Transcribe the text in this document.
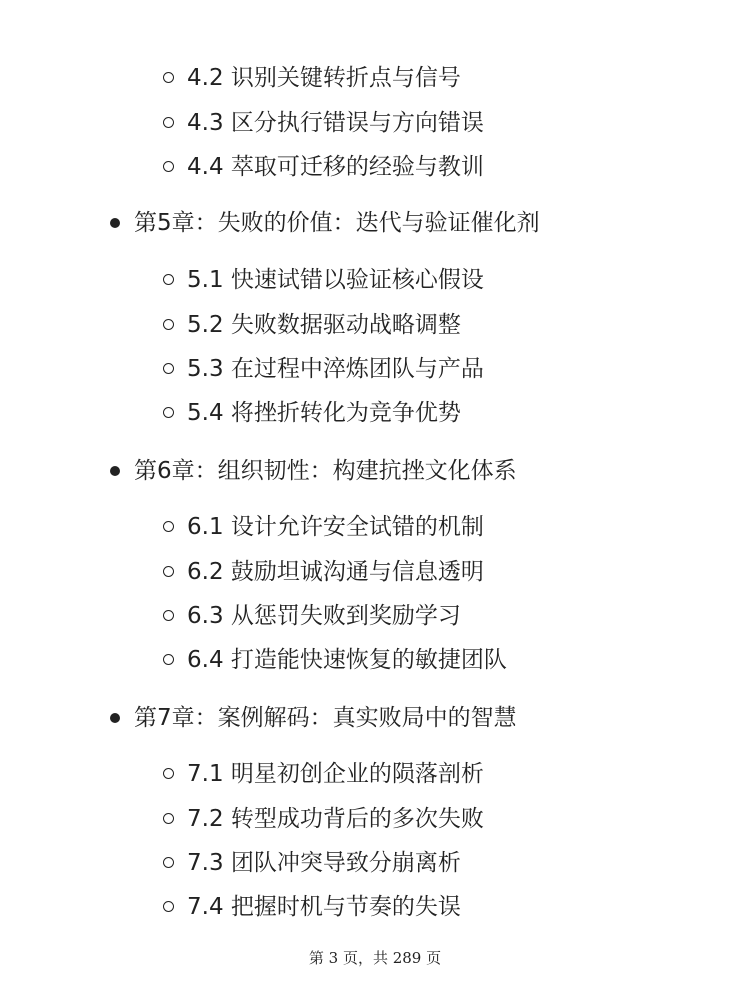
4.2 识别关键转折点与信号
4.3 区分执行错误与方向错误
4.4 萃取可迁移的经验与教训
第5章：失败的价值：迭代与验证催化剂
5.1 快速试错以验证核心假设
5.2 失败数据驱动战略调整
5.3 在过程中淬炼团队与产品
5.4 将挫折转化为竞争优势
第6章：组织韧性：构建抗挫文化体系
6.1 设计允许安全试错的机制
6.2 鼓励坦诚沟通与信息透明
6.3 从惩罚失败到奖励学习
6.4 打造能快速恢复的敏捷团队
第7章：案例解码：真实败局中的智慧
7.1 明星初创企业的陨落剖析
7.2 转型成功背后的多次失败
7.3 团队冲突导致分崩离析
7.4 把握时机与节奏的失误
第 3 页，共 289 页
